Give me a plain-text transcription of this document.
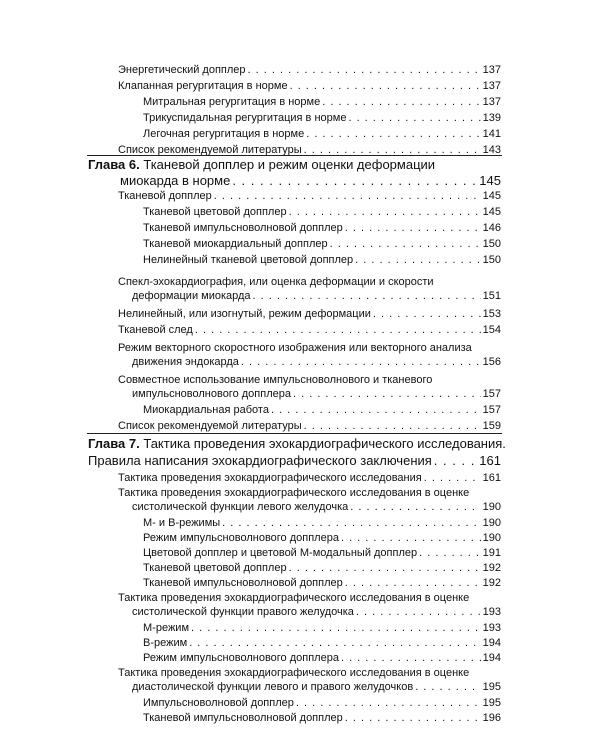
Энергетический допплер . . .	137
Клапанная регургитация в норме . . .	137
Митральная регургитация в норме . . .	137
Трикуспидальная регургитация в норме . . .	139
Легочная регургитация в норме . . .	141
Список рекомендуемой литературы . . .	143
Глава 6.
Тканевой допплер и режим оценки деформации
миокарда в норме . . .	145
Тканевой допплер . . .	145
Тканевой цветовой допплер . . .	145
Тканевой импульсноволновой допплер . . .	146
Тканевой миокардиальный допплер . . .	150
Нелинейный тканевой цветовой допплер . . .	150
Спекл-эхокардиография, или оценка деформации и скорости
деформации миокарда . . .	151
Нелинейный, или изогнутый, режим деформации . . .	153
Тканевой след . . .	154
Режим векторного скоростного изображения или векторного анализа
движения эндокарда . . .	156
Совместное использование импульсноволнового и тканевого
импульсноволнового допплера . . .	157
Миокардиальная работа . . .	157
Список рекомендуемой литературы . . .	159
Глава 7.
Тактика проведения эхокардиографического исследования.
Правила написания эхокардиографического заключения . . .	161
Тактика проведения эхокардиографического исследования . . .	161
Тактика проведения эхокардиографического исследования в оценке
систолической функции левого желудочка . . .	190
М- и В-режимы . . .	190
Режим импульсноволнового допплера . . .	190
Цветовой допплер и цветовой М-модальный допплер . . .	191
Тканевой цветовой допплер . . .	192
Тканевой импульсноволновой допплер . . .	192
Тактика проведения эхокардиографического исследования в оценке
систолической функции правого желудочка . . .	193
М-режим . . .	193
В-режим . . .	194
Режим импульсноволнового допплера . . .	194
Тактика проведения эхокардиографического исследования в оценке
диастолической функции левого и правого желудочков . . .	195
Импульсноволновой допплер . . .	195
Тканевой импульсноволновой допплер . . .	196
